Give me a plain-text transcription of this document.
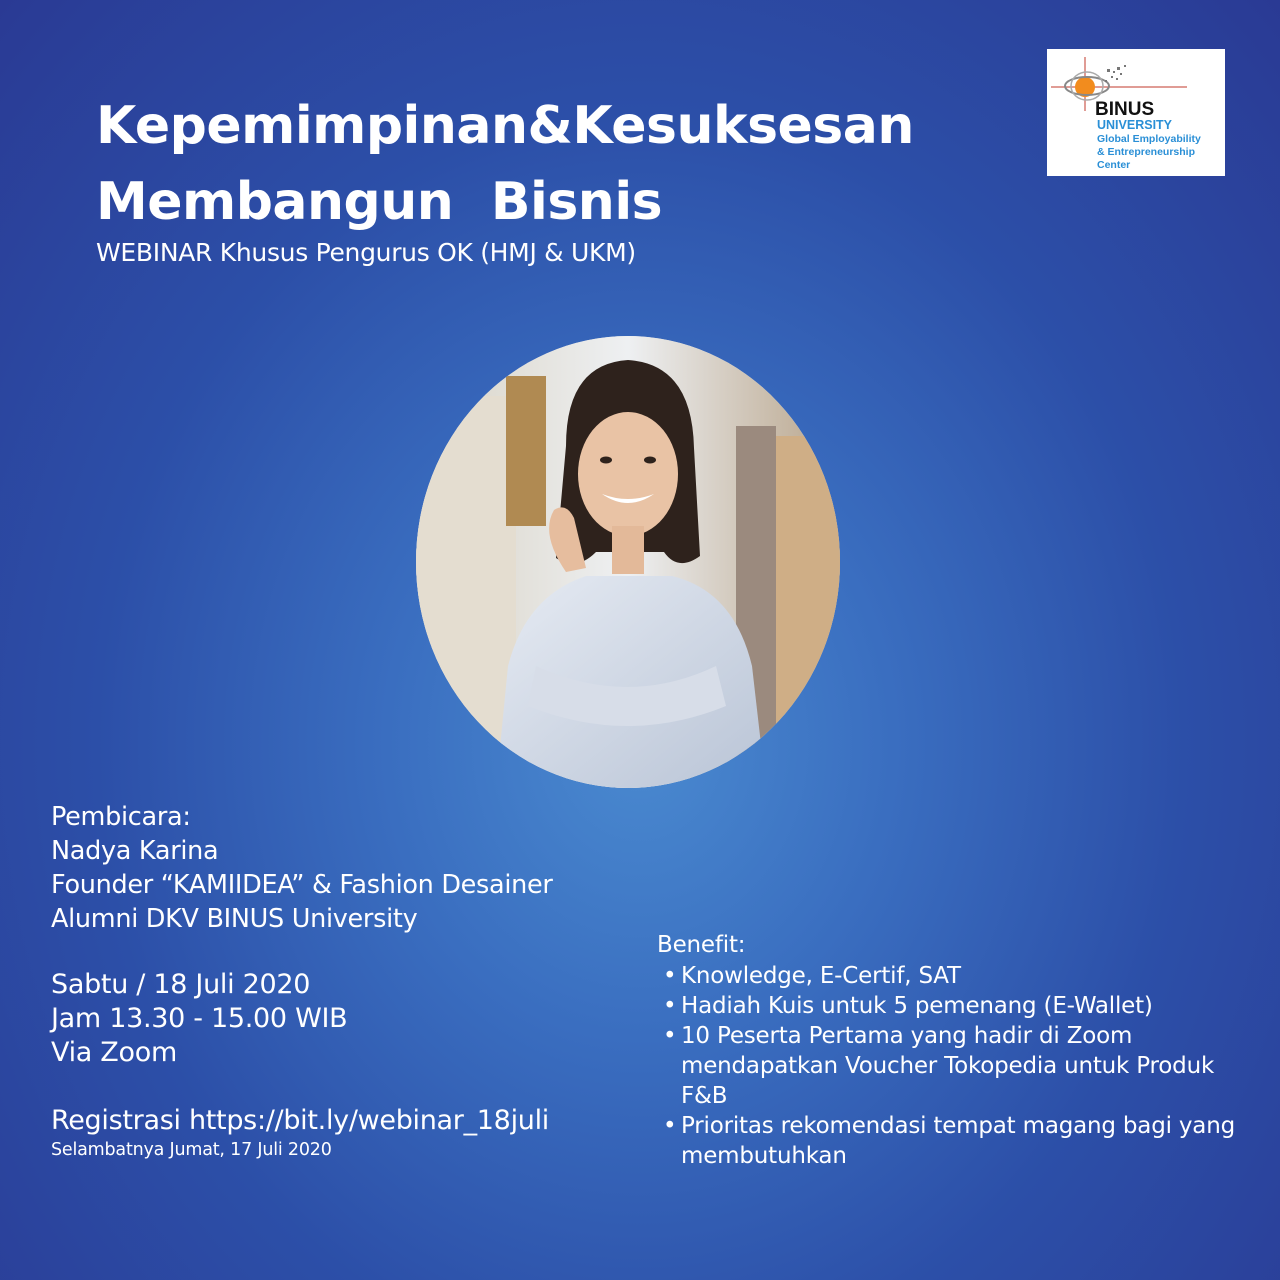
Kepemimpinan & Kesuksesan
Membangun Bisnis
WEBINAR Khusus Pengurus OK (HMJ & UKM)
BINUS
UNIVERSITY
Global Employability
& Entrepreneurship
Center

Pembicara:

Nadya Karina

Founder “KAMIIDEA” & Fashion Desainer

Alumni DKV BINUS University

Sabtu / 18 Juli 2020

Jam 13.30 - 15.00 WIB

Via Zoom

Registrasi https://bit.ly/webinar_18juli
Selambatnya Jumat, 17 Juli 2020

Benefit:

• Knowledge, E-Certif, SAT
• Hadiah Kuis untuk 5 pemenang (E-Wallet)
• 10 Peserta Pertama yang hadir di Zoom
mendapatkan Voucher Tokopedia untuk Produk
F&B
• Prioritas rekomendasi tempat magang bagi yang
membutuhkan
